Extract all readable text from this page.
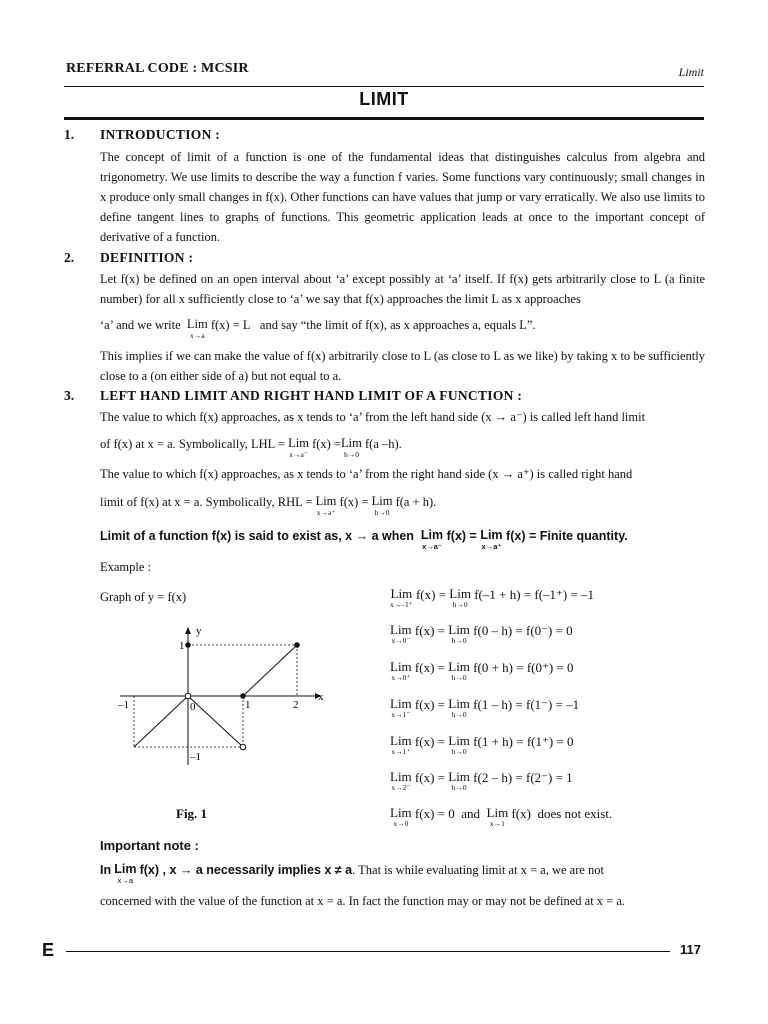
REFERRAL CODE : MCSIR	Limit
LIMIT
1. INTRODUCTION :
The concept of limit of a function is one of the fundamental ideas that distinguishes calculus from algebra and trigonometry. We use limits to describe the way a function f varies. Some functions vary continuously; small changes in x produce only small changes in f(x). Other functions can have values that jump or vary erratically. We also use limits to define tangent lines to graphs of functions. This geometric application leads at once to the important concept of derivative of a function.
2. DEFINITION :
Let f(x) be defined on an open interval about ‘a’ except possibly at ‘a’ itself. If f(x) gets arbitrarily close to L (a finite number) for all x sufficiently close to ‘a’ we say that f(x) approaches the limit L as x approaches
‘a’ and we write Lim
x→a
f(x) = L and say “the limit of f(x), as x approaches a, equals L”.
This implies if we can make the value of f(x) arbitrarily close to L (as close to L as we like) by taking x to be sufficiently close to a (on either side of a) but not equal to a.
3. LEFT HAND LIMIT AND RIGHT HAND LIMIT OF A FUNCTION :
The value to which f(x) approaches, as x tends to ‘a’ from the left hand side (x → a⁻) is called left hand limit
of f(x) at x = a. Symbolically, LHL = Lim
x→a⁻
f(x) = Lim
h→0
f(a –h).
The value to which f(x) approaches, as x tends to ‘a’ from the right hand side (x → a⁺) is called right hand
limit of f(x) at x = a. Symbolically, RHL = Lim
x→a⁺
f(x) = Lim
h→0
f(a + h).
Limit of a function f(x) is said to exist as, x → a when Lim
x→a⁻
f(x) = Lim
x→a⁺
f(x) = Finite quantity.
Example :
Graph of y = f(x)
y
x
1
–1
–1	0	1	2
Fig. 1
Lim
x→–1⁺
f(x) = Lim
h→0
f(–1 + h) = f(–1⁺) = –1
Lim
x→0⁻
f(x) = Lim
h→0
f(0 – h) = f(0⁻) = 0
Lim
x→0⁺
f(x) = Lim
h→0
f(0 + h) = f(0⁺) = 0
Lim
x→1⁻
f(x) = Lim
h→0
f(1 – h) = f(1⁻) = –1
Lim
x→1⁺
f(x) = Lim
h→0
f(1 + h) = f(1⁺) = 0
Lim
x→2⁻
f(x) = Lim
h→0
f(2 – h) = f(2⁻) = 1
Lim
x→0
f(x) = 0 and Lim
x→1
f(x) does not exist.
Important note :
In Lim
x→a
f(x) , x → a necessarily implies x ≠ a. That is while evaluating limit at x = a, we are not
concerned with the value of the function at x = a. In fact the function may or may not be defined at x = a.
E	117
